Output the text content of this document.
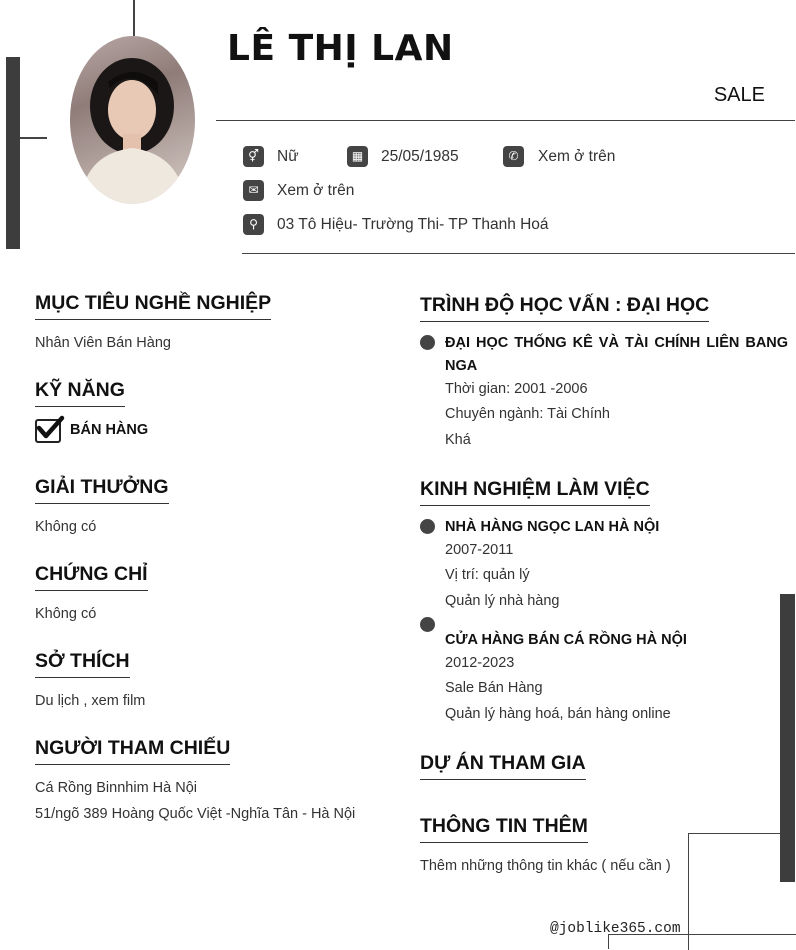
LÊ THỊ LAN
SALE
⚥	Nữ	▦	25/05/1985	✆	Xem ở trên
✉	Xem ở trên
⚲	03 Tô Hiệu- Trường Thi- TP Thanh Hoá
MỤC TIÊU NGHỀ NGHIỆP
Nhân Viên Bán Hàng
KỸ NĂNG
BÁN HÀNG
GIẢI THƯỞNG
Không có
CHỨNG CHỈ
Không có
SỞ THÍCH
Du lịch , xem film
NGƯỜI THAM CHIẾU
Cá Rồng Binnhim Hà Nội
51/ngõ 389 Hoàng Quốc Việt -Nghĩa Tân - Hà Nội
TRÌNH ĐỘ HỌC VẤN : ĐẠI HỌC
ĐẠI HỌC THỐNG KÊ VÀ TÀI CHÍNH LIÊN BANG
NGA
Thời gian: 2001 -2006
Chuyên ngành: Tài Chính
Khá
KINH NGHIỆM LÀM VIỆC
NHÀ HÀNG NGỌC LAN HÀ NỘI
2007-2011
Vị trí: quản lý
Quản lý nhà hàng
CỬA HÀNG BÁN CÁ RỒNG HÀ NỘI
2012-2023
Sale Bán Hàng
Quản lý hàng hoá, bán hàng online
DỰ ÁN THAM GIA
THÔNG TIN THÊM
Thêm những thông tin khác ( nếu cần )
@joblike365.com
